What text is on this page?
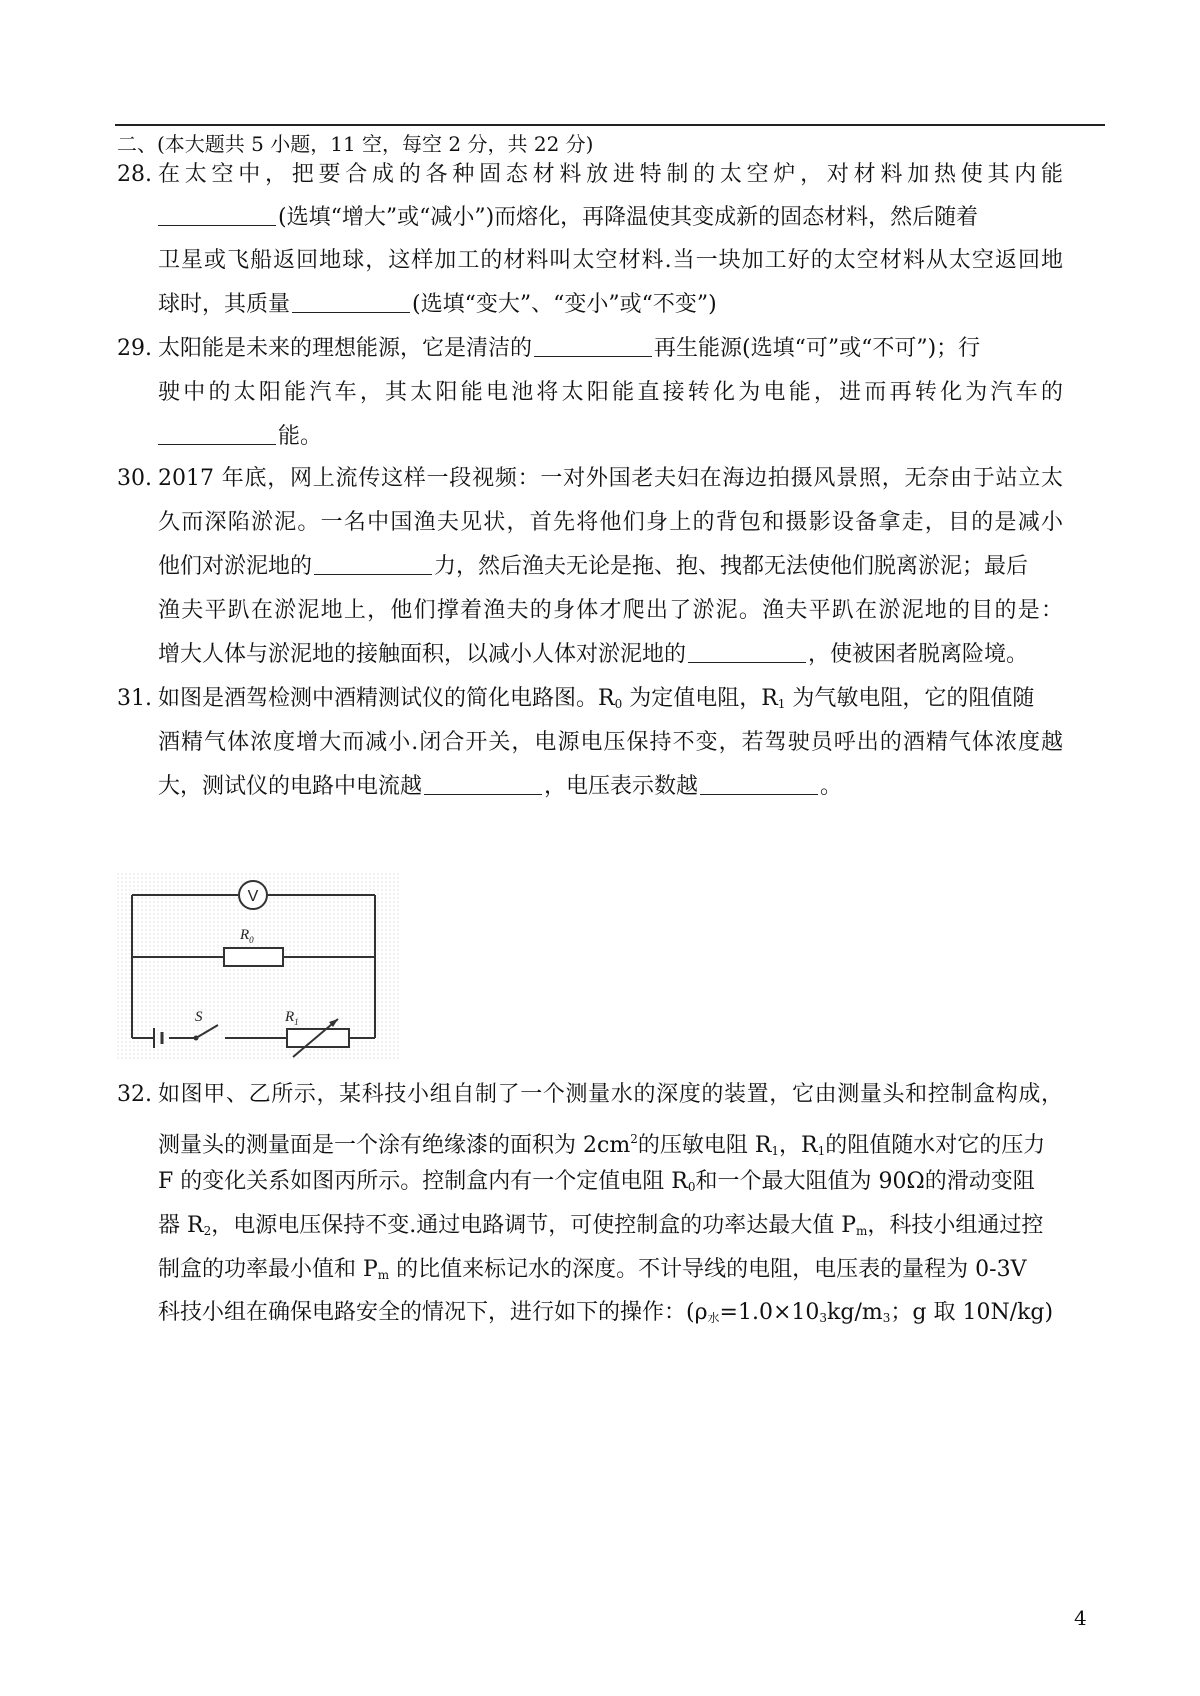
二、(本大题共 5 小题，11 空，每空 2 分，共 22 分)
28. 在太空中，把要合成的各种固态材料放进特制的太空炉，对材料加热使其内能
(选填“增大”或“减小”)而熔化，再降温使其变成新的固态材料，然后随着
卫星或飞船返回地球，这样加工的材料叫太空材料.当一块加工好的太空材料从太空返回地
球时，其质量	(选填“变大”、“变小”或“不变”)
29. 太阳能是未来的理想能源，它是清洁的	再生能源(选填“可”或“不可”)；行
驶中的太阳能汽车，其太阳能电池将太阳能直接转化为电能，进而再转化为汽车的
能。
30. 2017 年底，网上流传这样一段视频：一对外国老夫妇在海边拍摄风景照，无奈由于站立太
久而深陷淤泥。一名中国渔夫见状，首先将他们身上的背包和摄影设备拿走，目的是减小
他们对淤泥地的	力，然后渔夫无论是拖、抱、拽都无法使他们脱离淤泥；最后
渔夫平趴在淤泥地上，他们撑着渔夫的身体才爬出了淤泥。渔夫平趴在淤泥地的目的是：
增大人体与淤泥地的接触面积，以减小人体对淤泥地的	，使被困者脱离险境。
31. 如图是酒驾检测中酒精测试仪的简化电路图。$R_0$ 为定值电阻，$R_1$ 为气敏电阻，它的阻值随
酒精气体浓度增大而减小.闭合开关，电源电压保持不变，若驾驶员呼出的酒精气体浓度越
大，测试仪的电路中电流越	，电压表示数越	。
V
$R_0$
S	$R_1$
32. 如图甲、乙所示，某科技小组自制了一个测量水的深度的装置，它由测量头和控制盒构成，
测量头的测量面是一个涂有绝缘漆的面积为 $2cm^2$的压敏电阻 $R_1$，$R_1$的阻值随水对它的压力
F 的变化关系如图丙所示。控制盒内有一个定值电阻 $R_0$和一个最大阻值为 90Ω的滑动变阻
器 $R_2$，电源电压保持不变.通过电路调节，可使控制盒的功率达最大值 $P_m$，科技小组通过控
制盒的功率最小值和 $P_m$ 的比值来标记水的深度。不计导线的电阻，电压表的量程为 0-3V
科技小组在确保电路安全的情况下，进行如下的操作：($\rho_水=1.0\times 10_3kg/m_3$；g 取 10N/kg)
4
